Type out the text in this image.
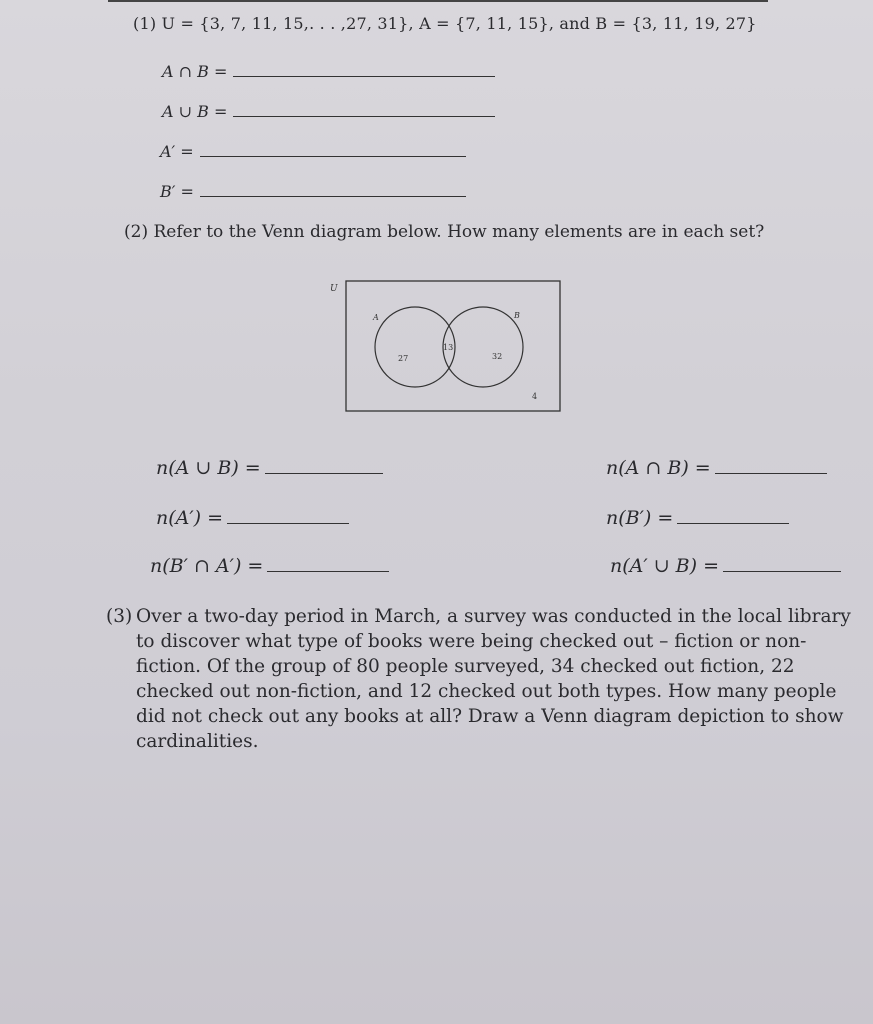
(1) U = {3, 7, 11, 15,. . . ,27, 31}, A = {7, 11, 15}, and B = {3, 11, 19, 27}
A ∩ B =
A ∪ B =
A′ =
B′ =
(2) Refer to the Venn diagram below. How many elements are in each set?
U
A	B
27
13
32
4
n(A ∪ B) =
n(A′) =
n(B′ ∩ A′) =
n(A ∩ B) =
n(B′) =
n(A′ ∪ B) =
(3) Over a two-day period in March, a survey was conducted in the local library to discover what type of books were being checked out – fiction or non-fiction. Of the group of 80 people surveyed, 34 checked out fiction, 22 checked out non-fiction, and 12 checked out both types. How many people did not check out any books at all? Draw a Venn diagram depiction to show cardinalities.
